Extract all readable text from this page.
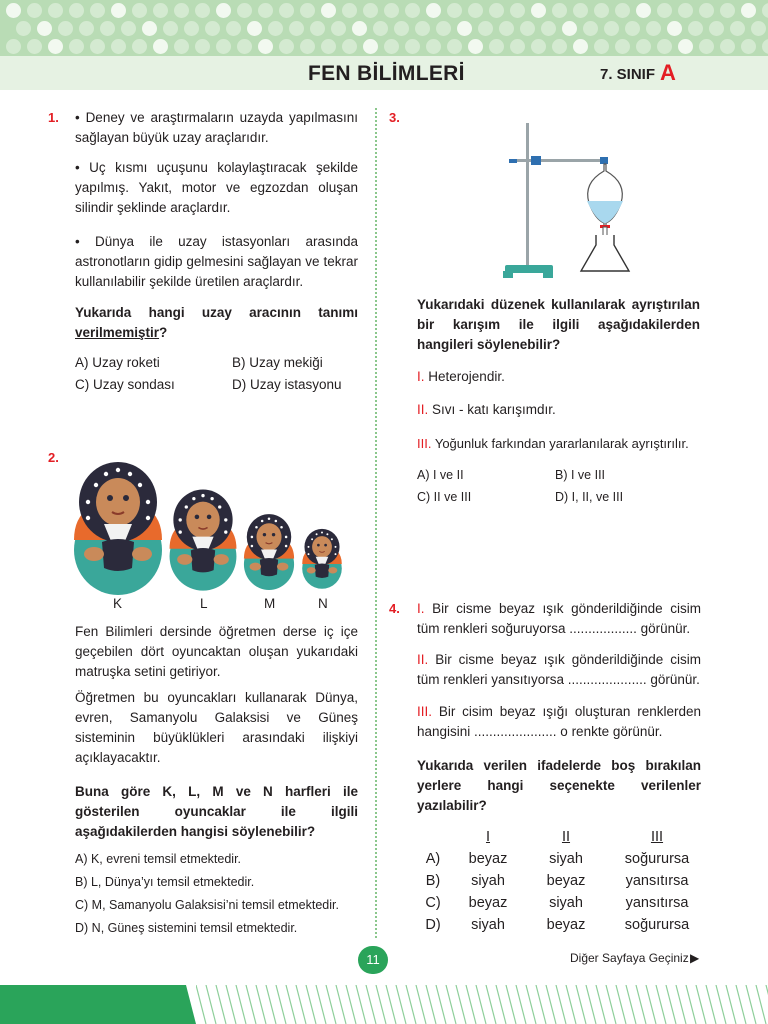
FEN BİLİMLERİ	7. SINIF A
1. • Deney ve araştırmaların uzayda yapılmasını sağlayan büyük uzay araçlarıdır.
• Uç kısmı uçuşunu kolaylaştıracak şekilde yapılmış. Yakıt, motor ve egzozdan oluşan silindir şeklinde araçlardır.
• Dünya ile uzay istasyonları arasında astronotların gidip gelmesini sağlayan ve tekrar kullanılabilir şekilde üretilen araçlardır.
Yukarıda hangi uzay aracının tanımı verilmemiştir?
A) Uzay roketi	B) Uzay mekiği
C) Uzay sondası	D) Uzay istasyonu
2.
K	L	M	N
Fen Bilimleri dersinde öğretmen derse iç içe geçebilen dört oyuncaktan oluşan yukarıdaki matruşka setini getiriyor.
Öğretmen bu oyuncakları kullanarak Dünya, evren, Samanyolu Galaksisi ve Güneş sisteminin büyüklükleri arasındaki ilişkiyi açıklayacaktır.
Buna göre K, L, M ve N harfleri ile gösterilen oyuncaklar ile ilgili aşağıdakilerden hangisi söylenebilir?
A) K, evreni temsil etmektedir.
B) L, Dünya’yı temsil etmektedir.
C) M, Samanyolu Galaksisi’ni temsil etmektedir.
D) N, Güneş sistemini temsil etmektedir.
3.
Yukarıdaki düzenek kullanılarak ayrıştırılan bir karışım ile ilgili aşağıdakilerden hangileri söylenebilir?
I. Heterojendir.
II. Sıvı - katı karışımdır.
III. Yoğunluk farkından yararlanılarak ayrıştırılır.
A) I ve II	B) I ve III
C) II ve III	D) I, II, ve III
4. I. Bir cisme beyaz ışık gönderildiğinde cisim tüm renkleri soğuruyorsa .................. görünür.
II. Bir cisme beyaz ışık gönderildiğinde cisim tüm renkleri yansıtıyorsa ..................... görünür.
III. Bir cisim beyaz ışığı oluşturan renklerden hangisini ...................... o renkte görünür.
Yukarıda verilen ifadelerde boş bırakılan yerlere hangi seçenekte verilenler yazılabilir?
	I	II	III
A)	beyaz	siyah	soğurursa
B)	siyah	beyaz	yansıtırsa
C)	beyaz	siyah	yansıtırsa
D)	siyah	beyaz	soğurursa
11	Diğer Sayfaya Geçiniz ▶
